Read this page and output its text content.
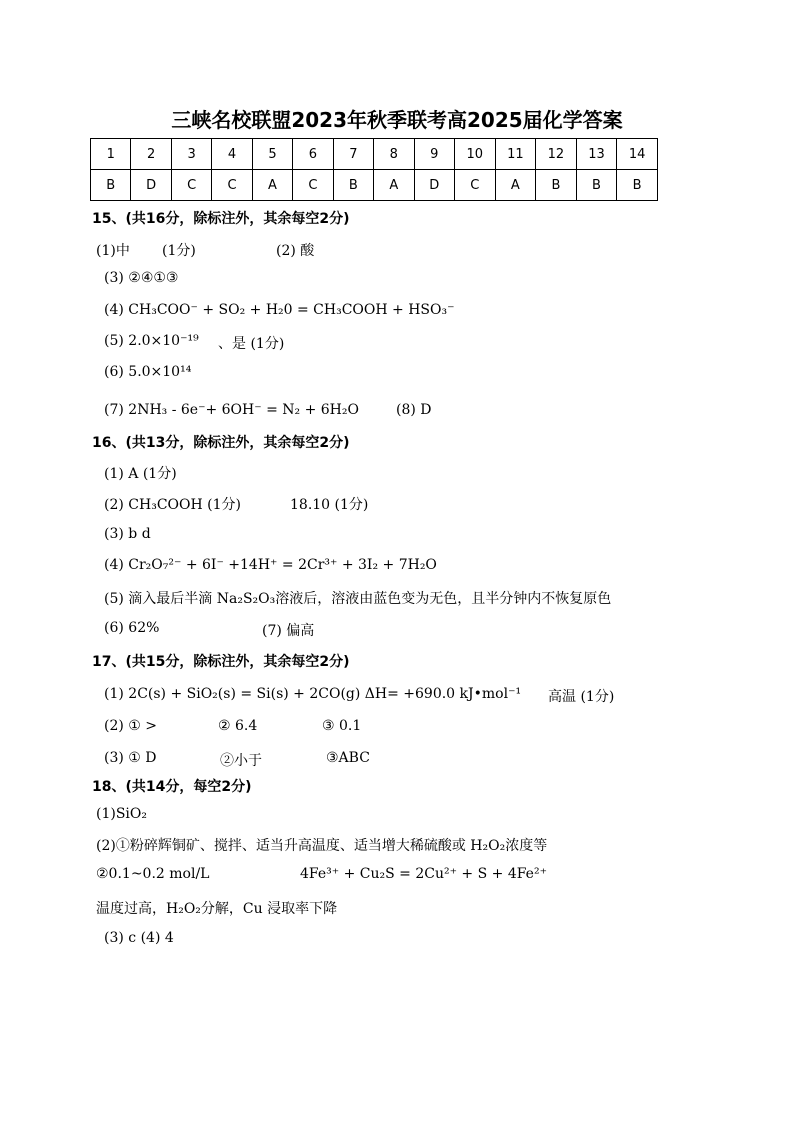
三峡名校联盟2023年秋季联考高2025届化学答案
1	2	3	4	5	6	7	8	9	10	11	12	13	14
B	D	C	C	A	C	B	A	D	C	A	B	B	B
15、(共16分，除标注外，其余每空2分)
(1)中 (1分)	(2) 酸
(3) ②④①③
(4) CH₃COO⁻ + SO₂ + H₂0 = CH₃COOH + HSO₃⁻
(5) 2.0×10⁻¹⁹ 、是 (1分)
(6) 5.0×10¹⁴
(7) 2NH₃ - 6e⁻+ 6OH⁻ = N₂ + 6H₂O	(8) D
16、(共13分，除标注外，其余每空2分)
(1) A (1分)
(2) CH₃COOH (1分)	18.10 (1分)
(3) b d
(4) Cr₂O₇²⁻ + 6I⁻ +14H⁺ = 2Cr³⁺ + 3I₂ + 7H₂O
(5) 滴入最后半滴 Na₂S₂O₃溶液后，溶液由蓝色变为无色，且半分钟内不恢复原色
(6) 62%	(7) 偏高
17、(共15分，除标注外，其余每空2分)
(1) 2C(s) + SiO₂(s) = Si(s) + 2CO(g) ΔH= +690.0 kJ•mol⁻¹ 高温 (1分)
(2) ① >	② 6.4	③ 0.1
(3) ① D	②小于	③ABC
18、(共14分，每空2分)
(1)SiO₂
(2)①粉碎辉铜矿、搅拌、适当升高温度、适当增大稀硫酸或 H₂O₂浓度等
②0.1~0.2 mol/L	4Fe³⁺ + Cu₂S = 2Cu²⁺ + S + 4Fe²⁺
温度过高，H₂O₂分解，Cu 浸取率下降
(3) c (4) 4
